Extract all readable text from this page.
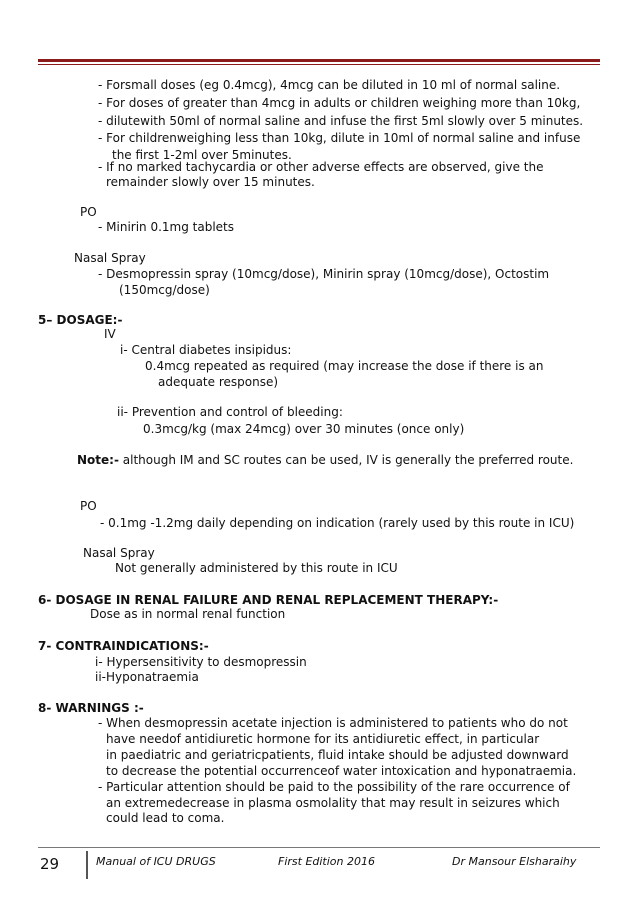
- Forsmall doses (eg 0.4mcg), 4mcg can be diluted in 10 ml of normal saline.
- For doses of greater than 4mcg in adults or children weighing more than 10kg,
- dilutewith 50ml of normal saline and infuse the first 5ml slowly over 5 minutes.
- For childrenweighing less than 10kg, dilute in 10ml of normal saline and infuse
the first 1-2ml over 5minutes.
- If no marked tachycardia or other adverse effects are observed, give the
remainder slowly over 15 minutes.
PO
- Minirin 0.1mg tablets
Nasal Spray
- Desmopressin spray (10mcg/dose), Minirin spray (10mcg/dose), Octostim
(150mcg/dose)
5– DOSAGE:-
IV
i- Central diabetes insipidus:
0.4mcg repeated as required (may increase the dose if there is an
adequate response)
ii- Prevention and control of bleeding:
0.3mcg/kg (max 24mcg) over 30 minutes (once only)
Note:- although IM and SC routes can be used, IV is generally the preferred route.
PO
- 0.1mg -1.2mg daily depending on indication (rarely used by this route in ICU)
Nasal Spray
Not generally administered by this route in ICU
6- DOSAGE IN RENAL FAILURE AND RENAL REPLACEMENT THERAPY:-
Dose as in normal renal function
7- CONTRAINDICATIONS:-
i- Hypersensitivity to desmopressin
ii-Hyponatraemia
8- WARNINGS :-
- When desmopressin acetate injection is administered to patients who do not
have needof antidiuretic hormone for its antidiuretic effect, in particular
in paediatric and geriatricpatients, fluid intake should be adjusted downward
to decrease the potential occurrenceof water intoxication and hyponatraemia.
- Particular attention should be paid to the possibility of the rare occurrence of
an extremedecrease in plasma osmolality that may result in seizures which
could lead to coma.
29	Manual of ICU DRUGS	First Edition 2016	Dr Mansour Elsharaihy
